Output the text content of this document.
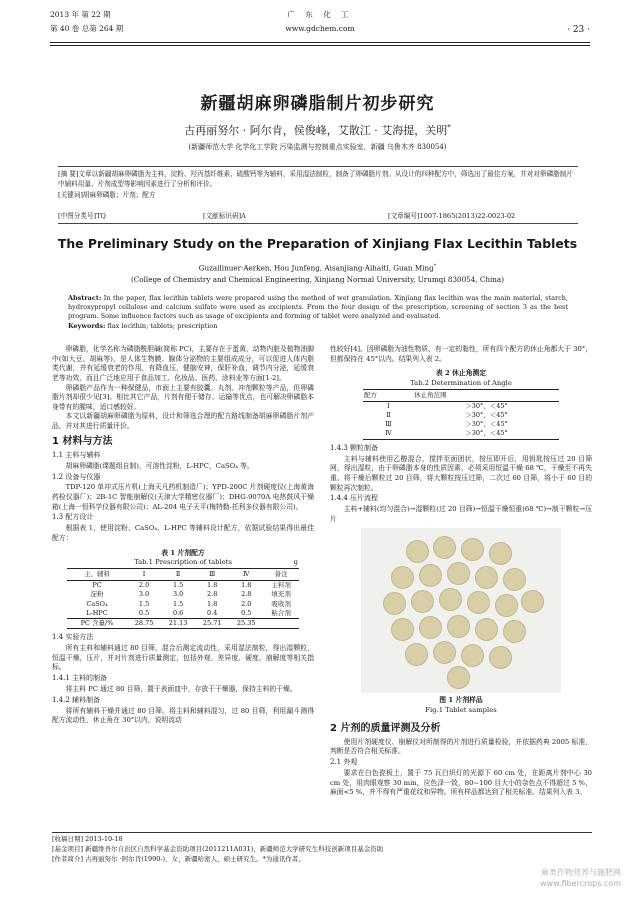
2013 年 第 22 期
第 40 卷 总第 264 期
广 东 化 工
www.gdchem.com	· 23 ·
新疆胡麻卵磷脂制片初步研究
古再丽努尔 · 阿尔肯，侯俊峰，艾散江 · 艾海提，关明*
(新疆师范大学 化学化工学院 污染监测与控制重点实验室，新疆 乌鲁木齐 830054)
[摘 要]文章以新疆胡麻卵磷脂为主料，淀粉、羟丙基纤维素、硫酸钙等为辅料，采用湿法制粒，制备了卵磷脂片剂。从设计的四种配方中，筛选出了最佳方案，并对对卵磷脂制片中辅料用量、片剂成型等影响因素进行了分析和评价。
[关键词]胡麻卵磷脂；片剂；配方
[中图分类号]TQ	[文献标识码]A	[文章编号]1007-1865(2013)22-0023-02
The Preliminary Study on the Preparation of Xinjiang Flax Lecithin Tablets
Guzailinuer·Aerken, Hou Junfeng, Aisanjiang·Aihaiti, Guan Ming*
(College of Chemistry and Chemical Engineering, Xinjiang Normal University, Urumqi 830054, China)
Abstract: In the paper, flax lecithin tablets were prepared using the method of wet granulation. Xinjiang flax lecithin was the main material, starch, hydroxypropyl cellulose and calcium sulfate were used as excipients. From the four design of the prescription, screening of section 3 as the best program. Some influence factors such as usage of excipients and forming of tablet were analyzed and evaluated.
Keywords: flax lecithin; tablets; prescription

卵磷脂，化学名称为磷脂酰胆碱(简称 PC)，主要存在于蛋黄、动物内脏及植物油脚中(如大豆、胡麻等)，是人体生物膜、腺体分泌物的主要组成成分，可以促进人体内脂类代谢，并有延缓衰老的作用，有降血压，健脑安神，保肝补血，调节内分泌，延缓衰老等功效，而且广泛地应用于食品加工、化妆品、医药、涂料业等方面[1-2]。

卵磷脂产品作为一种保健品，市面上主要有胶囊、丸剂、冲剂颗粒等产品，但卵磷脂片剂却很少见[3]。相比其它产品，片剂有便于储存、运输等优点，也可解决卵磷脂本身带有的腥味，适口感较好。

本文以新疆胡麻卵磷脂为原料，设计和筛选合理的配方路线制备胡麻卵磷脂片剂产品，并对其进行质量评价。

1 材料与方法
1.1 主料与辅料

胡麻卵磷脂(课题组自制)，可溶性淀粉，L-HPC，CaSO₄ 等。

1.2 设备与仪器

TDP-120 单冲式压片机(上海天凡药机制造厂)；YPD-200C 片剂硬度仪(上海黄海药检仪器厂)；2B-1C 智能崩解仪(天津大学精密仪器厂)；DHG-9070A 电热鼓风干燥箱(上海一恒科学仪器有限公司)；AL-204 电子天平(梅特勒-托利多仪器有限公司)。

1.3 配方设计

根据表 1，使用淀粉、CaSO₄、L-HPC 等辅料设计配方，依据试验结果得出最佳配方：

表 1 片剂配方
Tab.1 Prescription of tablets	g
主、辅料	Ⅰ	Ⅱ	Ⅲ	Ⅳ	备注
PC	2.0	1.5	1.8	1.8	主料剂
淀粉	3.0	3.0	2.8	2.8	填充剂
CaSO₄	1.5	1.5	1.8	2.0	吸收剂
L-HPC	0.5	0.6	0.4	0.5	粘合剂
PC 含量/%	28.75	21.13	25.71	25.35	
1.4 实验方法

所有主料和辅料通过 80 目筛，混合后测定流动性，采用湿法制粒，得出湿颗粒，恒温干燥，压片，并对片剂进行质量测定，包括外观、差异度、硬度、崩解度等相关指标。

1.4.1 主料的制备

将主料 PC 通过 80 目筛，置于表面皿中，存放于干燥器，保持主料的干燥。

1.4.2 辅料制备

将所有辅料干燥并通过 80 目筛。将主料和辅料混匀，过 80 目筛，利用漏斗测得配方流动性，休止角在 30°以内，说明流动

性较好[4]。因卵磷脂为油性物质，有一定的黏性，所有四个配方的休止角都大于 30°，但都保持在 45°以内。结果列入表 2。

表 2 休止角测定
Tab.2 Determination of Angle
配方	休止角范围
Ⅰ	＞30°、＜45°
Ⅱ	＞30°、＜45°
Ⅲ	＞30°、＜45°
Ⅳ	＞30°、＜45°
1.4.3 颗粒制备

主料与辅料使用乙醇混合，搅拌至面团状，按压即开后，用钥匙按压过 20 目筛网，得出湿粒，由于卵磷脂本身的性质因素，必须采用恒温干燥 68 ℃，干燥至不再失重。将干燥后颗粒过 20 目筛，将大颗粒按压过筛，二次过 60 目筛，将小于 60 目的颗粒再次制粒。

1.4.4 压片流程

主料+辅料(均匀混合)→湿颗粒(过 20 目筛)→恒温干燥恒重(68 ℃)→制干颗粒→压片

图 1 片剂样品
Fig.1 Tablet samples
2 片剂的质量评测及分析

使用片剂硬度仪、崩解仪对所制得的片剂进行质量检验，并依据药典 2005 标准，判断是否符合相关标准。

2.1 外观

要求在白色瓷板上，置于 75 瓦白炽灯的光源下 60 cm 处，在距离片剂中心 30 cm 处，用肉眼观察 30 min，应色泽一致，80~100 目大小的杂色点不得超过 5 %，麻面<5 %，并不得有严重花纹和异物。所有样品都达到了相关标准。结果列入表 3。

[收稿日期] 2013-10-18
[基金项目] 新疆维吾尔自治区自然科学基金资助项目(2011211A031)，新疆师范大学研究生科技创新项目基金资助
[作者简介] 古再丽努尔 ·阿尔肯(1990-)，女，新疆哈密人，硕士研究生。*为通讯作者。
麻类作物营养与施肥网
www.fibercrops.com
